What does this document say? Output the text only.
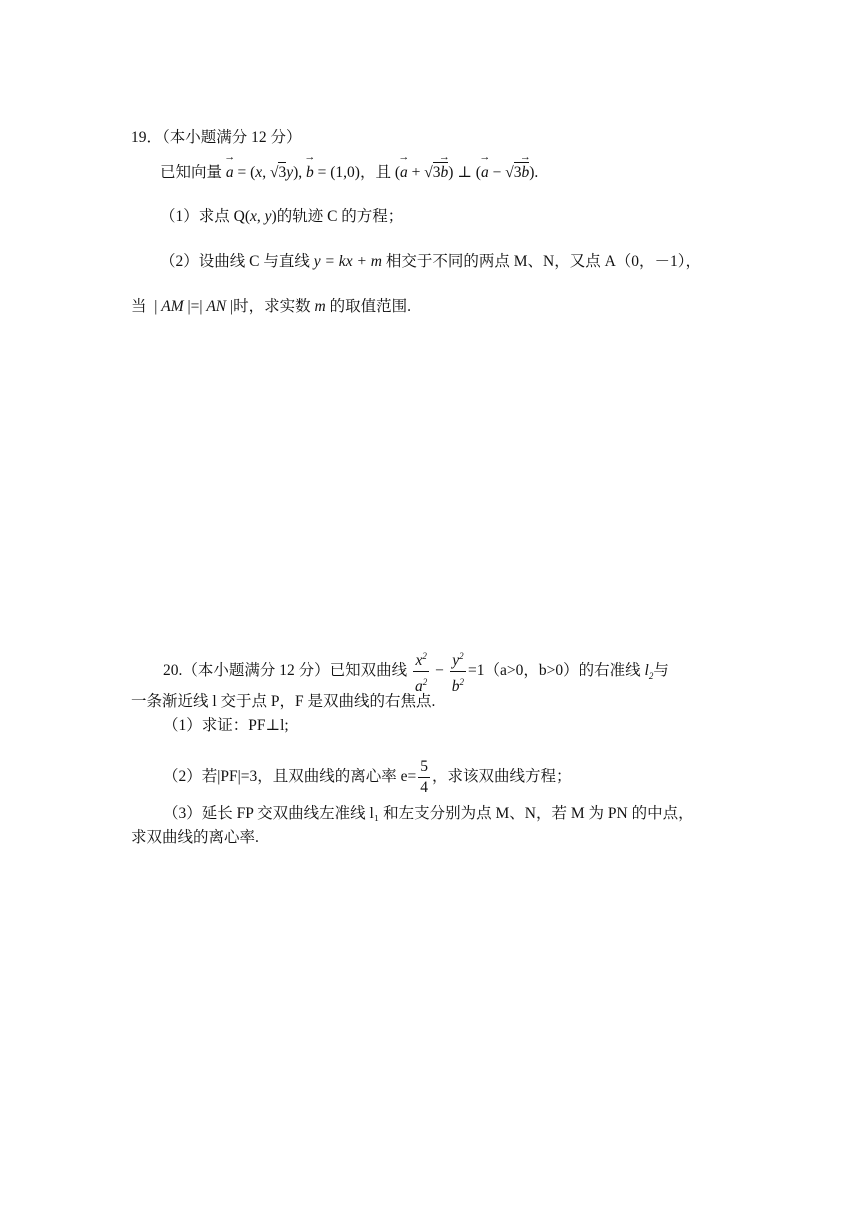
19．（本小题满分 12 分）
已知向量 → a = (x, √3y), → b = (1,0)，且 (→ a + √3→ b) ⊥ (→ a − √3→ b).
（1）求点 Q(x, y)的轨迹 C 的方程；
（2）设曲线 C 与直线 y = kx + m 相交于不同的两点 M、N，又点 A（0，－1），
当  | AM |=| AN |时，求实数 m 的取值范围.
20.（本小题满分 12 分）已知双曲线 $\frac{x^2}{a^2} - \frac{y^2}{b^2} =1(a>0$，b>0）的右准线 $l_2$与
一条渐近线 l 交于点 P，F 是双曲线的右焦点.
（1）求证：PF⊥l;
（2）若|PF|=3，且双曲线的离心率 $e= \frac{5}{4}$ ，求该双曲线方程；
（3）延长 FP 交双曲线左准线 l₁ 和左支分别为点 M、N，若 M 为 PN 的中点，
求双曲线的离心率.
